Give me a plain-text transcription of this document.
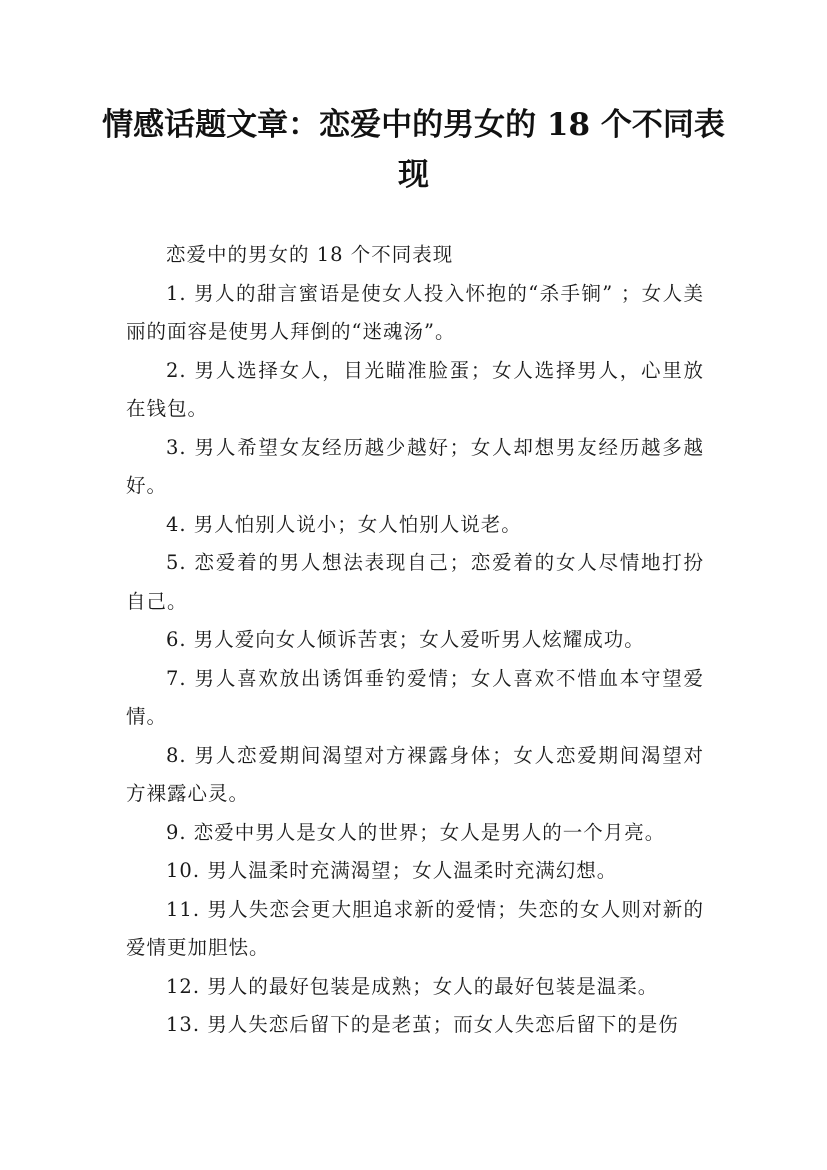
情感话题文章：恋爱中的男女的 18 个不同表现

恋爱中的男女的 18 个不同表现

1. 男人的甜言蜜语是使女人投入怀抱的“杀手锏” ；女人美丽的面容是使男人拜倒的“迷魂汤”。

2. 男人选择女人，目光瞄准脸蛋；女人选择男人，心里放在钱包。

3. 男人希望女友经历越少越好；女人却想男友经历越多越好。

4. 男人怕别人说小；女人怕别人说老。

5. 恋爱着的男人想法表现自己；恋爱着的女人尽情地打扮自己。

6. 男人爱向女人倾诉苦衷；女人爱听男人炫耀成功。

7. 男人喜欢放出诱饵垂钓爱情；女人喜欢不惜血本守望爱情。

8. 男人恋爱期间渴望对方裸露身体；女人恋爱期间渴望对方裸露心灵。

9. 恋爱中男人是女人的世界；女人是男人的一个月亮。

10. 男人温柔时充满渴望；女人温柔时充满幻想。

11. 男人失恋会更大胆追求新的爱情；失恋的女人则对新的爱情更加胆怯。

12. 男人的最好包装是成熟；女人的最好包装是温柔。

13. 男人失恋后留下的是老茧；而女人失恋后留下的是伤
